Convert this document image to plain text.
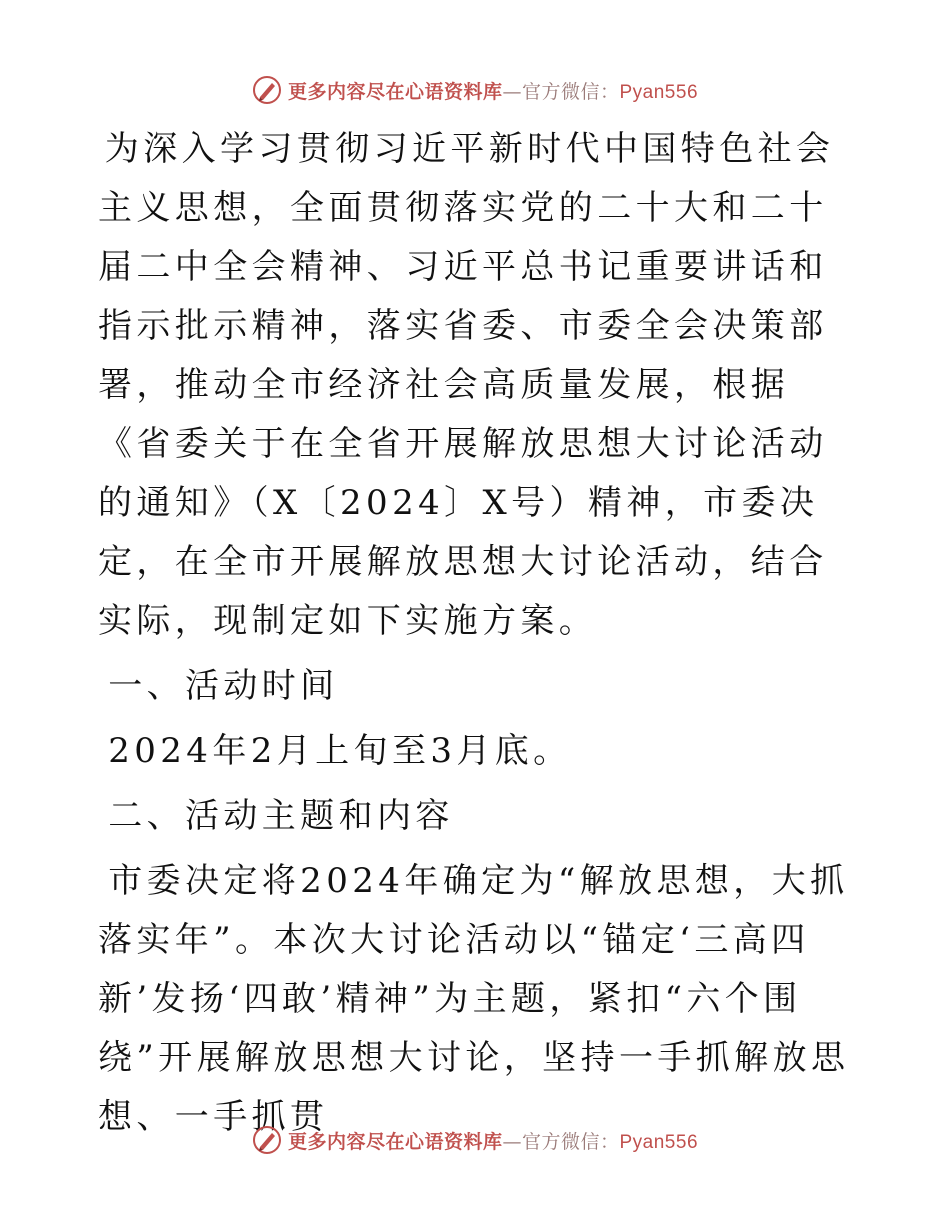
更多内容尽在心语资料库—官方微信：Pyan556

为深入学习贯彻习近平新时代中国特色社会主义思想，全面贯彻落实党的二十大和二十届二中全会精神、习近平总书记重要讲话和指示批示精神，落实省委、市委全会决策部署，推动全市经济社会高质量发展，根据《省委关于在全省开展解放思想大讨论活动的通知》（X〔2024〕X号）精神，市委决定，在全市开展解放思想大讨论活动，结合实际，现制定如下实施方案。

一、活动时间

2024年2月上旬至3月底。

二、活动主题和内容

市委决定将2024年确定为“解放思想，大抓落实年”。本次大讨论活动以“锚定‘三高四新’发扬‘四敢’精神”为主题，紧扣“六个围绕”开展解放思想大讨论，坚持一手抓解放思想、一手抓贯

更多内容尽在心语资料库—官方微信：Pyan556
